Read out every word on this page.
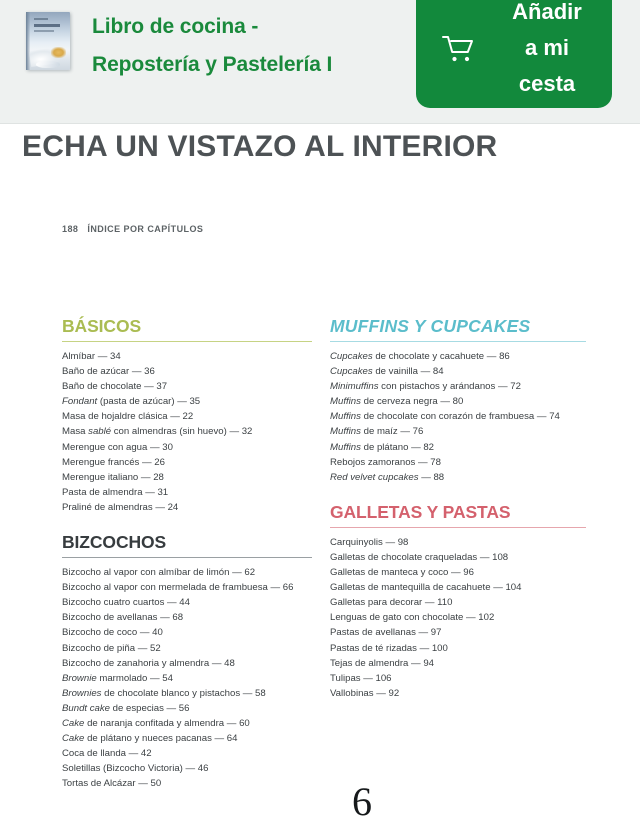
Libro de cocina -
Repostería y Pastelería I
Añadir
a mi
cesta
ECHA UN VISTAZO AL INTERIOR
188 ÍNDICE POR CAPÍTULOS
BÁSICOS
Almíbar — 34
Baño de azúcar — 36
Baño de chocolate — 37
Fondant (pasta de azúcar) — 35
Masa de hojaldre clásica — 22
Masa sablé con almendras (sin huevo) — 32
Merengue con agua — 30
Merengue francés — 26
Merengue italiano — 28
Pasta de almendra — 31
Praliné de almendras — 24
BIZCOCHOS
Bizcocho al vapor con almíbar de limón — 62
Bizcocho al vapor con mermelada de frambuesa — 66
Bizcocho cuatro cuartos — 44
Bizcocho de avellanas — 68
Bizcocho de coco — 40
Bizcocho de piña — 52
Bizcocho de zanahoria y almendra — 48
Brownie marmolado — 54
Brownies de chocolate blanco y pistachos — 58
Bundt cake de especias — 56
Cake de naranja confitada y almendra — 60
Cake de plátano y nueces pacanas — 64
Coca de llanda — 42
Soletillas (Bizcocho Victoria) — 46
Tortas de Alcázar — 50
MUFFINS Y CUPCAKES
Cupcakes de chocolate y cacahuete — 86
Cupcakes de vainilla — 84
Minimuffins con pistachos y arándanos — 72
Muffins de cerveza negra — 80
Muffins de chocolate con corazón de frambuesa — 74
Muffins de maíz — 76
Muffins de plátano — 82
Rebojos zamoranos — 78
Red velvet cupcakes — 88
GALLETAS Y PASTAS
Carquinyolis — 98
Galletas de chocolate craqueladas — 108
Galletas de manteca y coco — 96
Galletas de mantequilla de cacahuete — 104
Galletas para decorar — 110
Lenguas de gato con chocolate — 102
Pastas de avellanas — 97
Pastas de té rizadas — 100
Tejas de almendra — 94
Tulipas — 106
Vallobinas — 92
6
